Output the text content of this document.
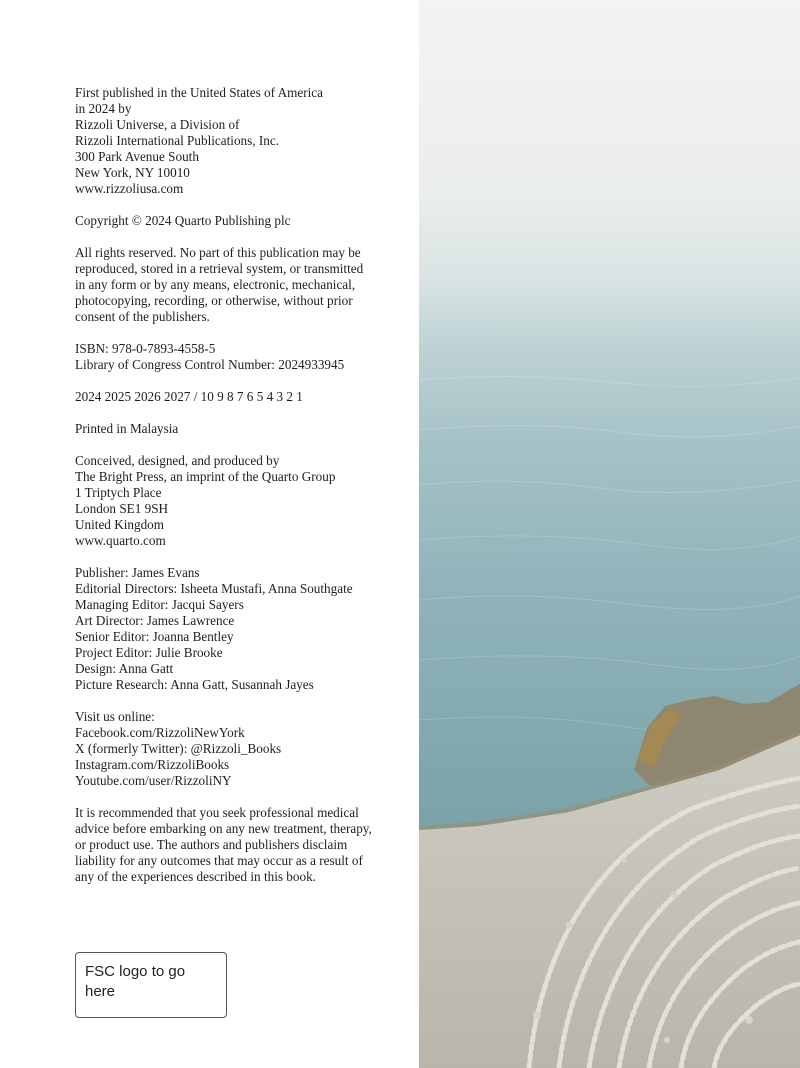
First published in the United States of America
in 2024 by
Rizzoli Universe, a Division of
Rizzoli International Publications, Inc.
300 Park Avenue South
New York, NY 10010
www.rizzoliusa.com

Copyright © 2024 Quarto Publishing plc

All rights reserved. No part of this publication may be
reproduced, stored in a retrieval system, or transmitted
in any form or by any means, electronic, mechanical,
photocopying, recording, or otherwise, without prior
consent of the publishers.

ISBN: 978-0-7893-4558-5
Library of Congress Control Number: 2024933945

2024 2025 2026 2027 / 10 9 8 7 6 5 4 3 2 1

Printed in Malaysia

Conceived, designed, and produced by
The Bright Press, an imprint of the Quarto Group
1 Triptych Place
London SE1 9SH
United Kingdom
www.quarto.com

Publisher: James Evans
Editorial Directors: Isheeta Mustafi, Anna Southgate
Managing Editor: Jacqui Sayers
Art Director: James Lawrence
Senior Editor: Joanna Bentley
Project Editor: Julie Brooke
Design: Anna Gatt
Picture Research: Anna Gatt, Susannah Jayes

Visit us online:
Facebook.com/RizzoliNewYork
X (formerly Twitter): @Rizzoli_Books
Instagram.com/RizzoliBooks
Youtube.com/user/RizzoliNY

It is recommended that you seek professional medical
advice before embarking on any new treatment, therapy,
or product use. The authors and publishers disclaim
liability for any outcomes that may occur as a result of
any of the experiences described in this book.

FSC logo to go
here
